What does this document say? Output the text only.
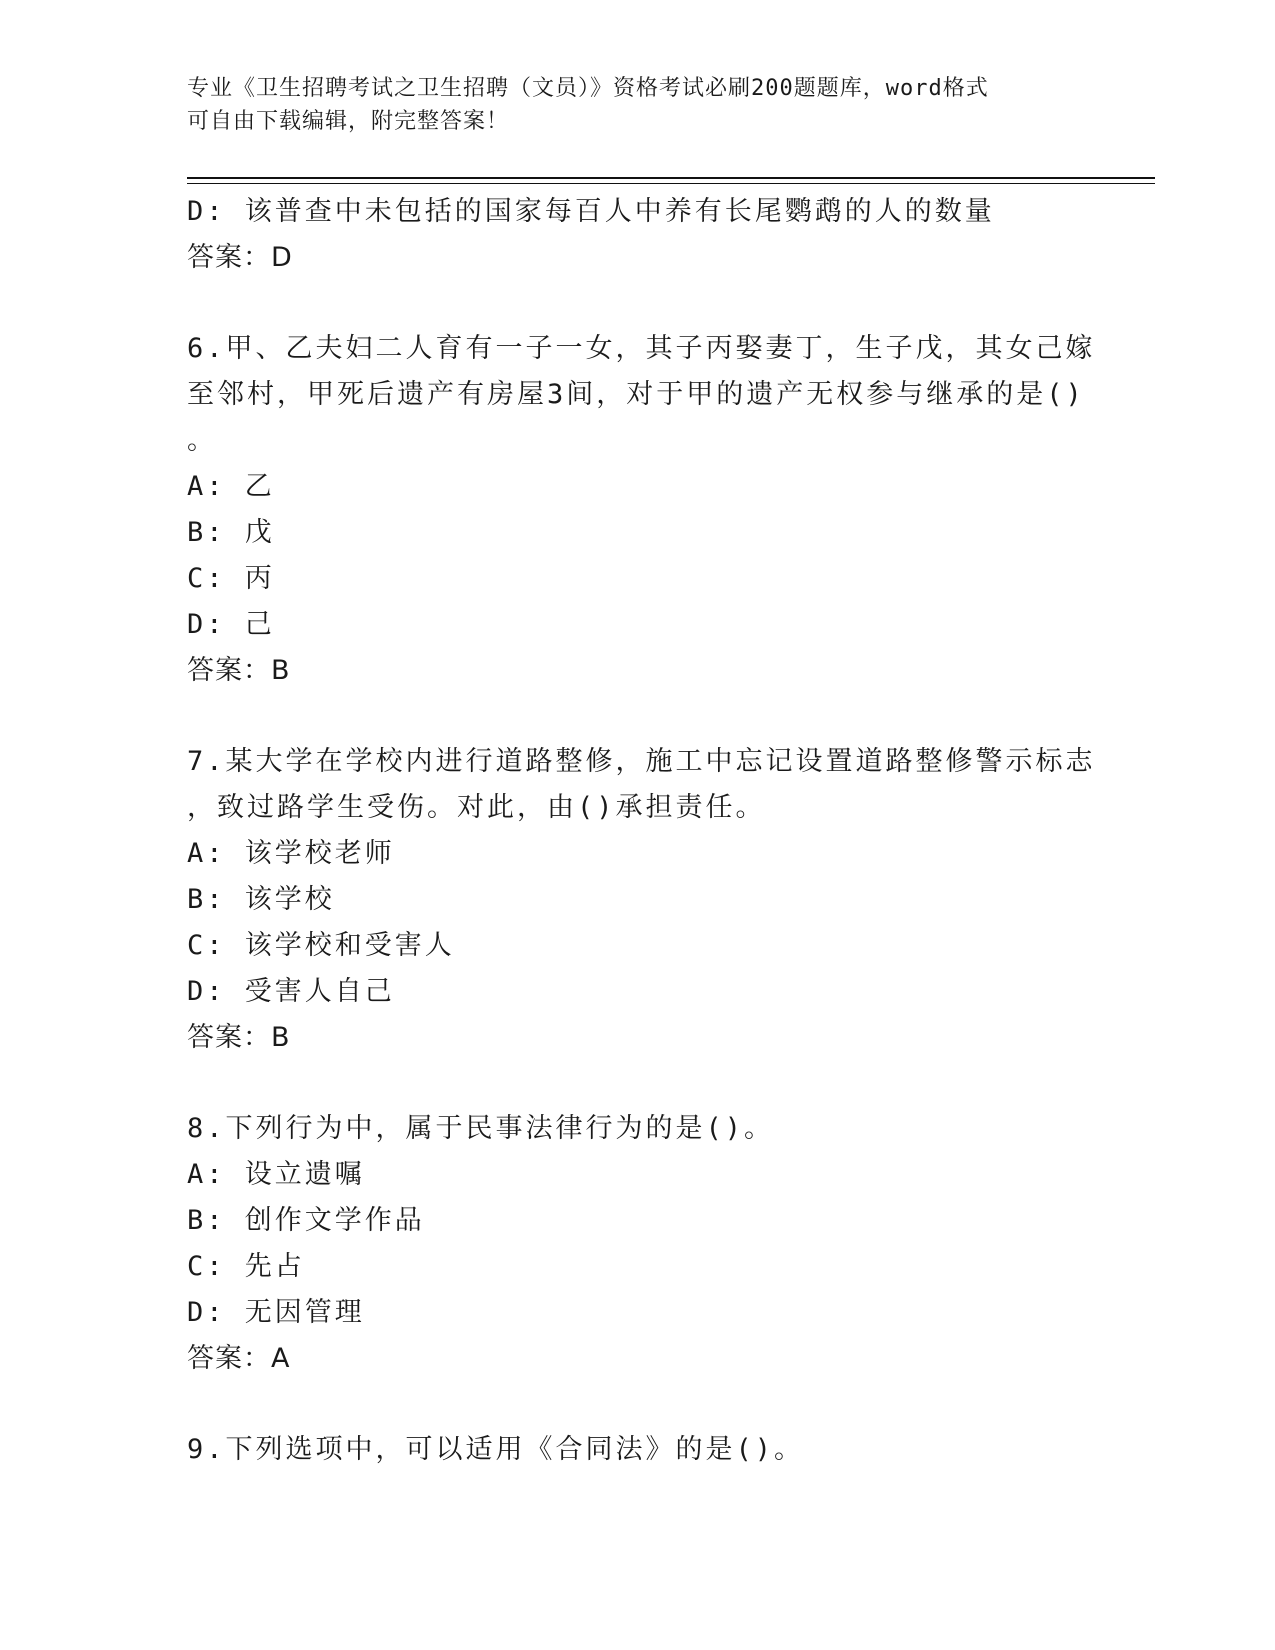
专业《卫生招聘考试之卫生招聘（文员）》资格考试必刷200题题库，word格式
可自由下载编辑，附完整答案！
D: 该普查中未包括的国家每百人中养有长尾鹦鹉的人的数量
答案：D
6.甲、乙夫妇二人育有一子一女，其子丙娶妻丁，生子戊，其女己嫁
至邻村，甲死后遗产有房屋3间，对于甲的遗产无权参与继承的是()
。
A: 乙
B: 戊
C: 丙
D: 己
答案：B
7.某大学在学校内进行道路整修，施工中忘记设置道路整修警示标志
，致过路学生受伤。对此，由()承担责任。
A: 该学校老师
B: 该学校
C: 该学校和受害人
D: 受害人自己
答案：B
8.下列行为中，属于民事法律行为的是()。
A: 设立遗嘱
B: 创作文学作品
C: 先占
D: 无因管理
答案：A
9.下列选项中，可以适用《合同法》的是()。
